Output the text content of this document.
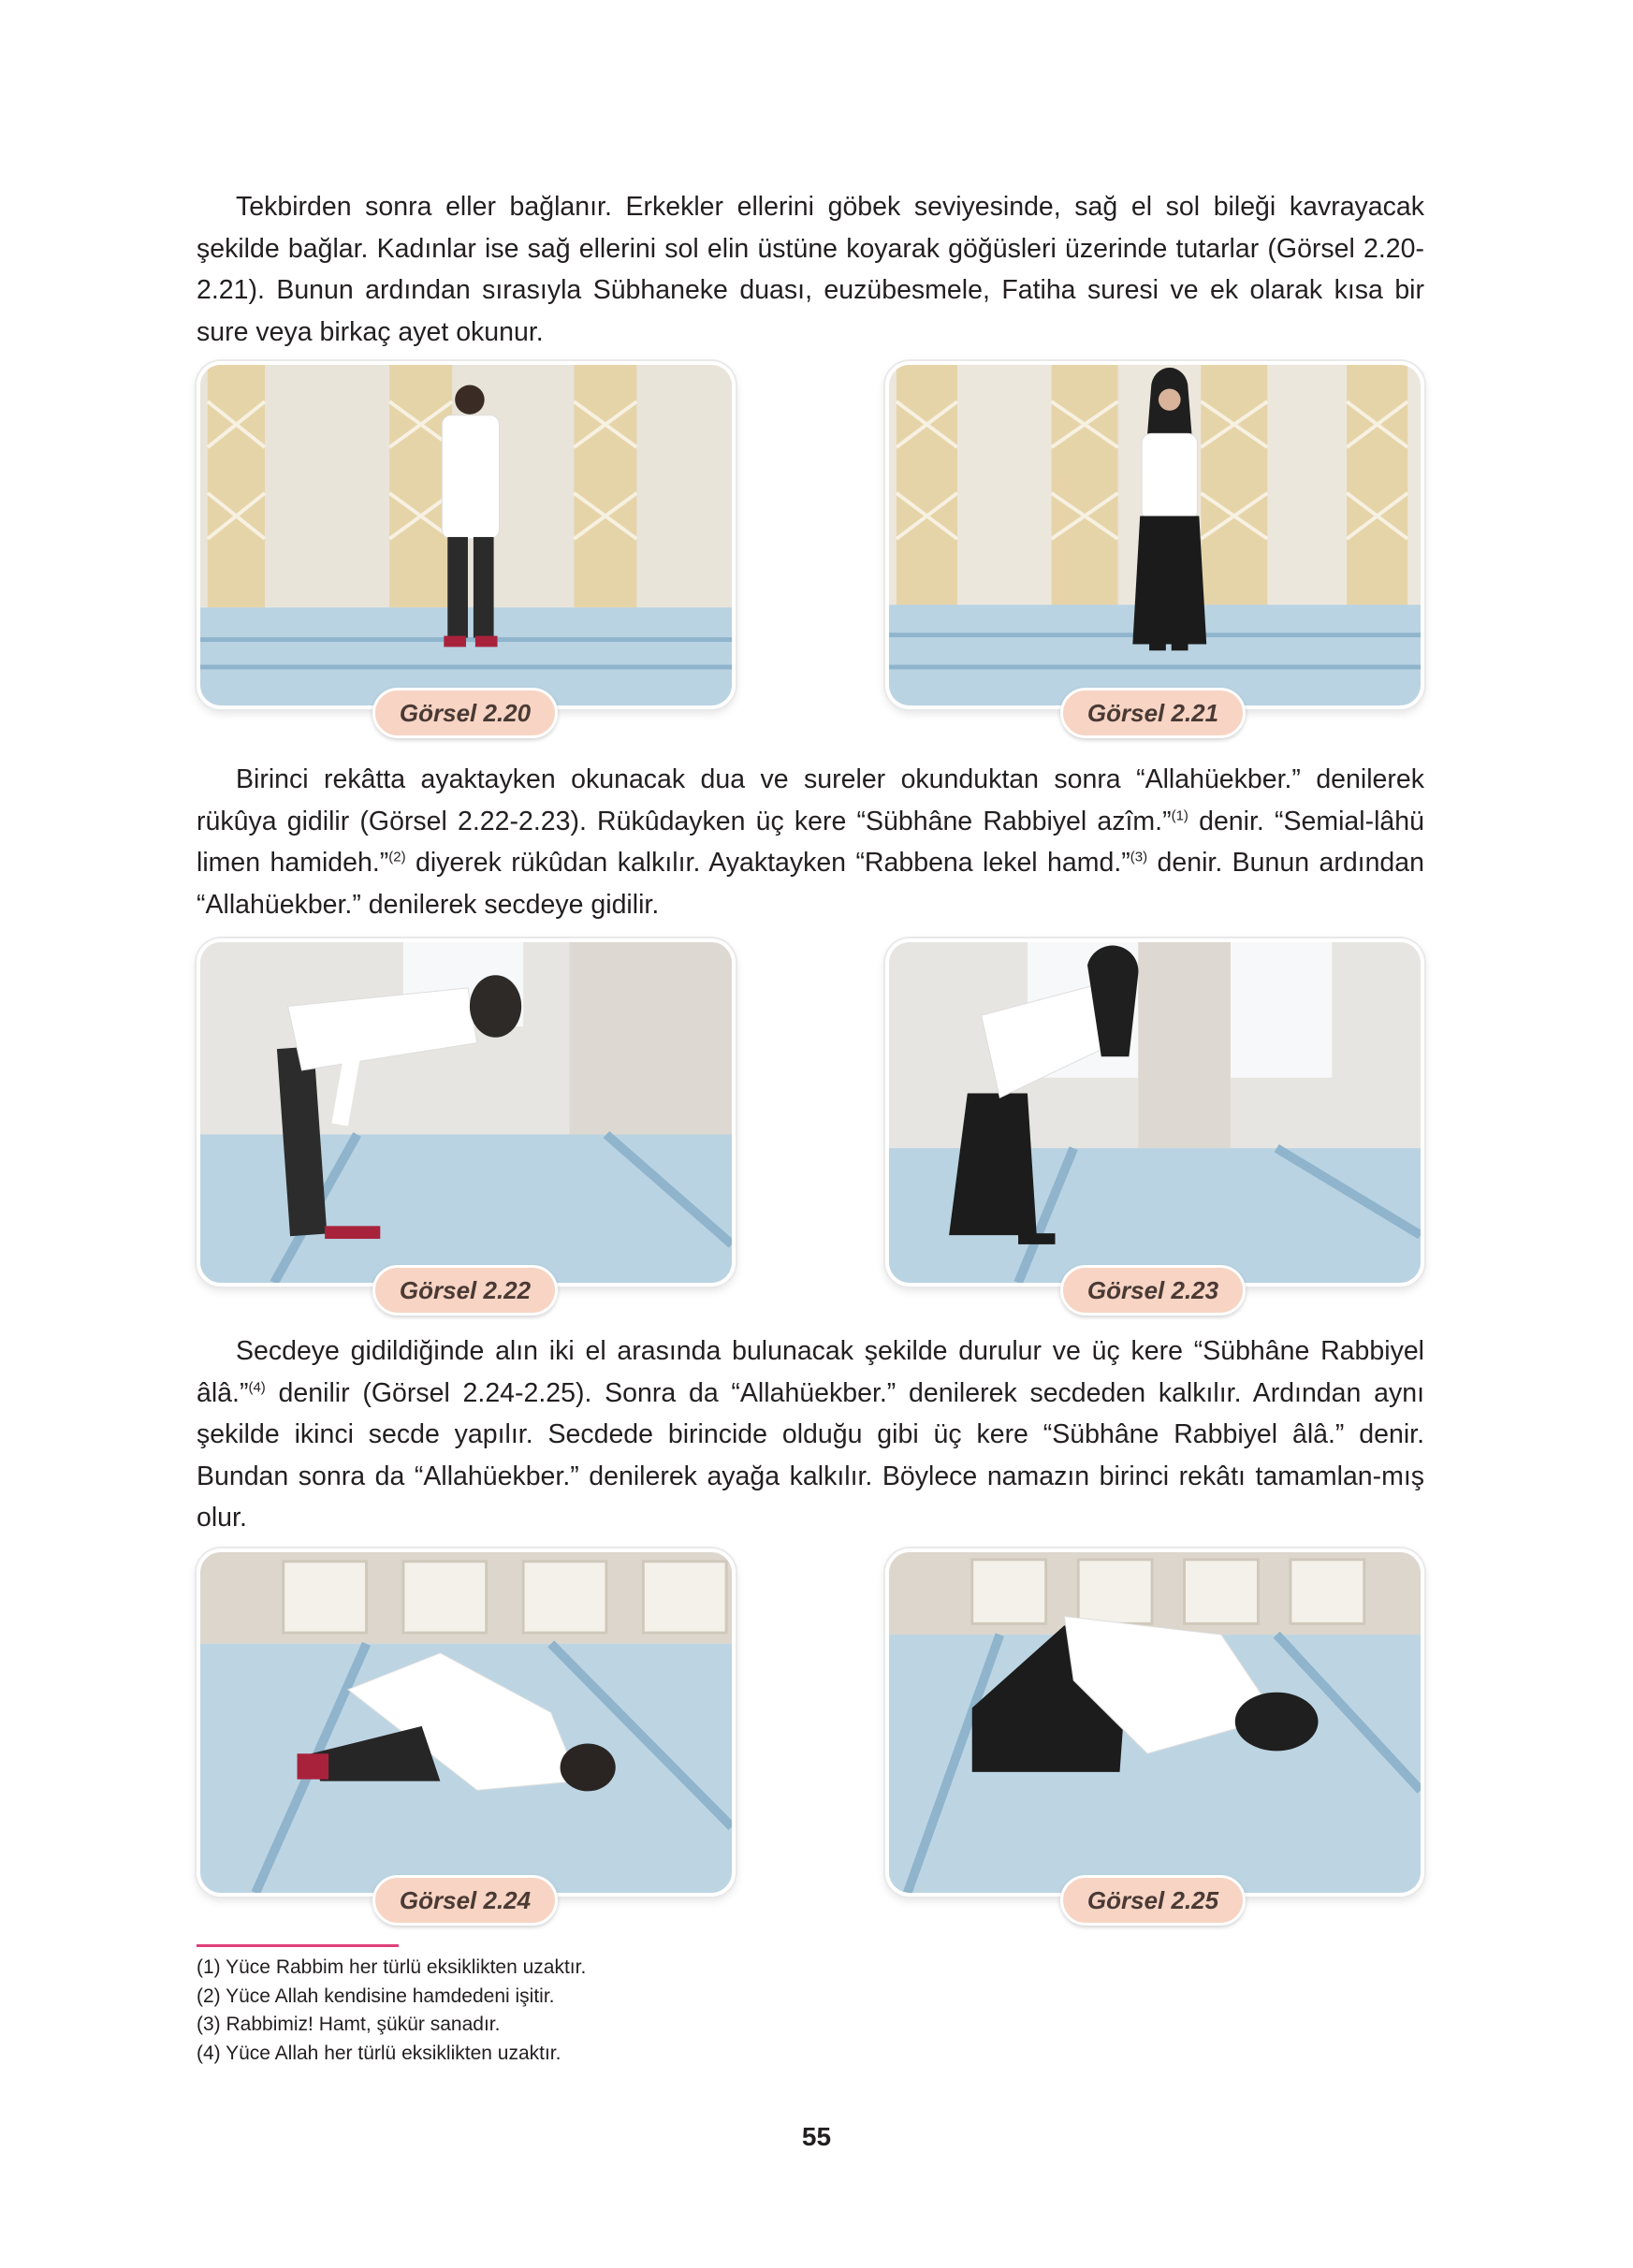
Tekbirden sonra eller bağlanır. Erkekler ellerini göbek seviyesinde, sağ el sol bileği kavrayacak şekilde bağlar. Kadınlar ise sağ ellerini sol elin üstüne koyarak göğüsleri üzerinde tutarlar (Görsel 2.20-2.21). Bunun ardından sırasıyla Sübhaneke duası, euzübesmele, Fatiha suresi ve ek olarak kısa bir sure veya birkaç ayet okunur.

Görsel 2.20	Görsel 2.21

Birinci rekâtta ayaktayken okunacak dua ve sureler okunduktan sonra “Allahüekber.” denilerek rükûya gidilir (Görsel 2.22-2.23). Rükûdayken üç kere “Sübhâne Rabbiyel azîm.”$^{(1)}$ denir. “Semial-lâhü limen hamideh.”$^{(2)}$ diyerek rükûdan kalkılır. Ayaktayken “Rabbena lekel hamd.”$^{(3)}$ denir. Bunun ardından “Allahüekber.” denilerek secdeye gidilir.

Görsel 2.22	Görsel 2.23

Secdeye gidildiğinde alın iki el arasında bulunacak şekilde durulur ve üç kere “Sübhâne Rabbiyel âlâ.”$^{(4)}$ denilir (Görsel 2.24-2.25). Sonra da “Allahüekber.” denilerek secdeden kalkılır. Ardından aynı şekilde ikinci secde yapılır. Secdede birincide olduğu gibi üç kere “Sübhâne Rabbiyel âlâ.” denir. Bundan sonra da “Allahüekber.” denilerek ayağa kalkılır. Böylece namazın birinci rekâtı tamamlan-mış olur.

Görsel 2.24	Görsel 2.25
(1) Yüce Rabbim her türlü eksiklikten uzaktır.
(2) Yüce Allah kendisine hamdedeni işitir.
(3) Rabbimiz! Hamt, şükür sanadır.
(4) Yüce Allah her türlü eksiklikten uzaktır.
55
